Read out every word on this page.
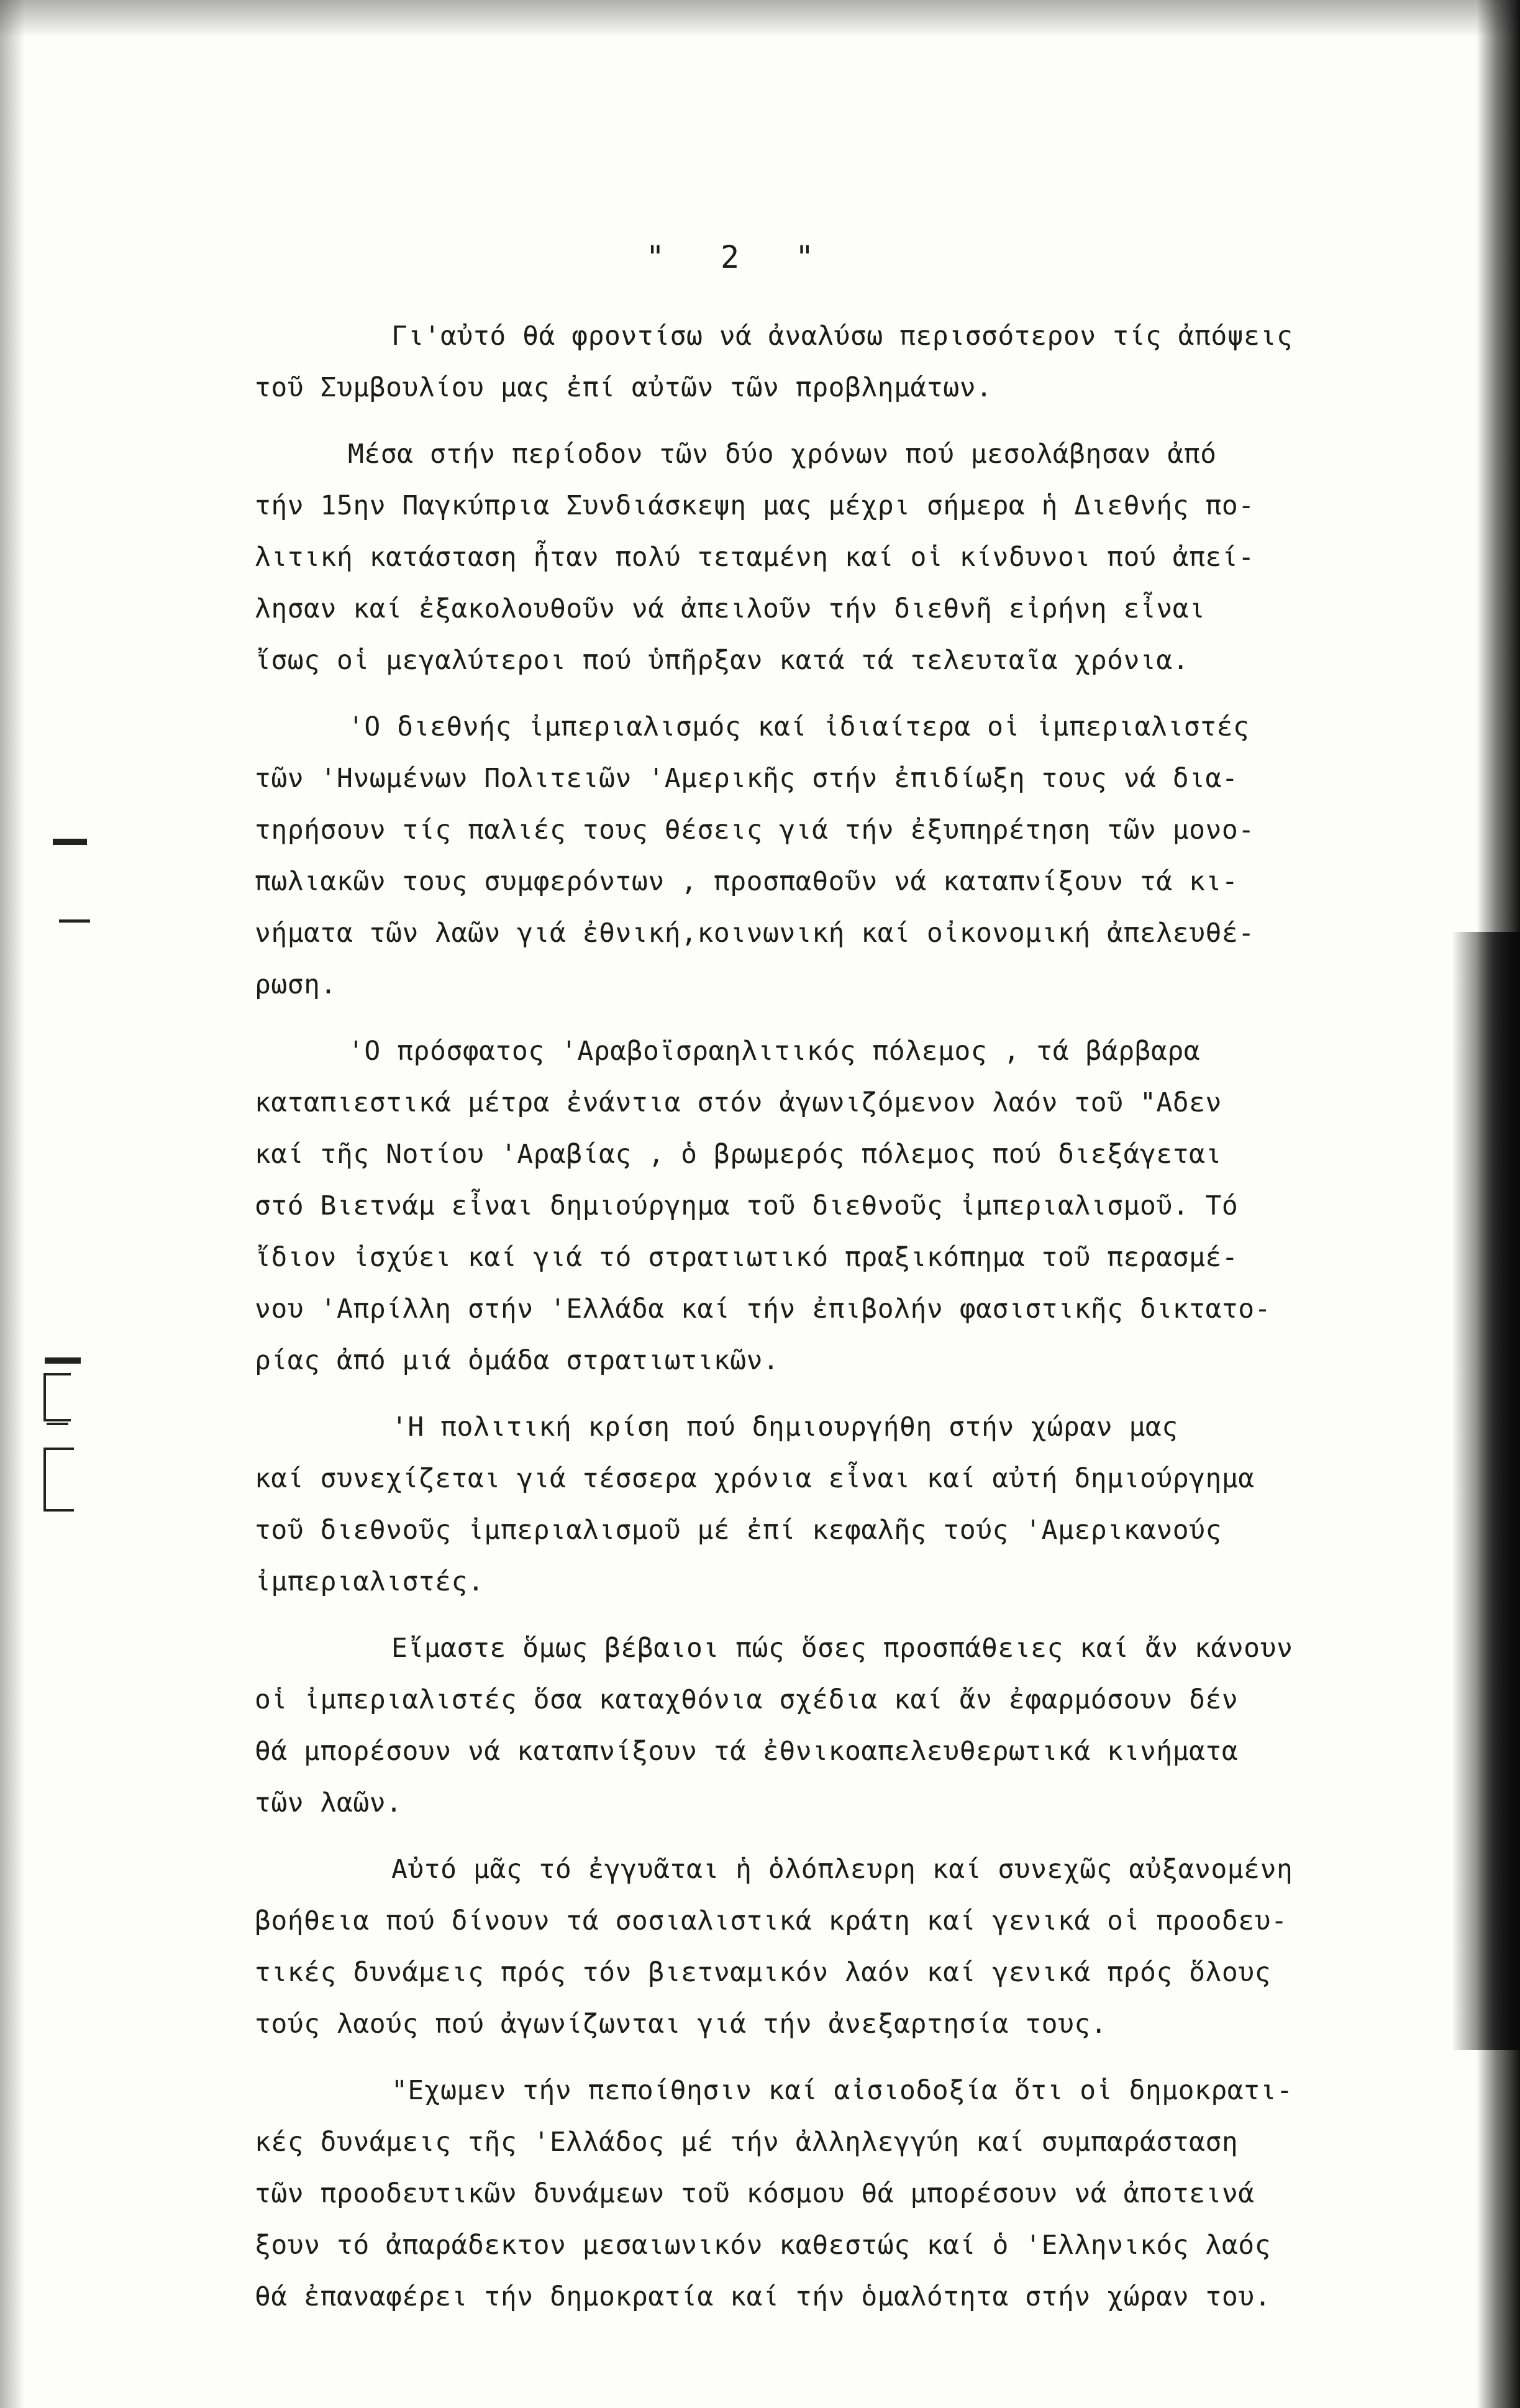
" 2 "
Γι'αὐτό θά φροντίσω νά ἀναλύσω περισσότερον τίς ἀπόψεις
τοῦ Συμβουλίου μας ἐπί αὐτῶν τῶν προβλημάτων.
Μέσα στήν περίοδον τῶν δύο χρόνων πού μεσολάβησαν ἀπό
τήν 15ην Παγκύπρια Συνδιάσκεψη μας μέχρι σήμερα ἡ Διεθνής πο-
λιτική κατάσταση ἦταν πολύ τεταμένη καί οἱ κίνδυνοι πού ἀπεί-
λησαν καί ἐξακολουθοῦν νά ἀπειλοῦν τήν διεθνῆ εἰρήνη εἶναι
ἴσως οἱ μεγαλύτεροι πού ὑπῆρξαν κατά τά τελευταῖα χρόνια.
'Ο διεθνής ἰμπεριαλισμός καί ἰδιαίτερα οἱ ἰμπεριαλιστές
τῶν 'Ηνωμένων Πολιτειῶν 'Αμερικῆς στήν ἐπιδίωξη τους νά δια-
τηρήσουν τίς παλιές τους θέσεις γιά τήν ἐξυπηρέτηση τῶν μονο-
πωλιακῶν τους συμφερόντων , προσπαθοῦν νά καταπνίξουν τά κι-
νήματα τῶν λαῶν γιά ἐθνική,κοινωνική καί οἰκονομική ἀπελευθέ-
ρωση.
'Ο πρόσφατος 'Αραβοϊσραηλιτικός πόλεμος , τά βάρβαρα
καταπιεστικά μέτρα ἐνάντια στόν ἀγωνιζόμενον λαόν τοῦ "Αδεν
καί τῆς Νοτίου 'Αραβίας , ὁ βρωμερός πόλεμος πού διεξάγεται
στό Βιετνάμ εἶναι δημιούργημα τοῦ διεθνοῦς ἰμπεριαλισμοῦ. Τό
ἴδιον ἰσχύει καί γιά τό στρατιωτικό πραξικόπημα τοῦ περασμέ-
νου 'Απρίλλη στήν 'Ελλάδα καί τήν ἐπιβολήν φασιστικῆς δικτατο-
ρίας ἀπό μιά ὁμάδα στρατιωτικῶν.
'Η πολιτική κρίση πού δημιουργήθη στήν χώραν μας
καί συνεχίζεται γιά τέσσερα χρόνια εἶναι καί αὐτή δημιούργημα
τοῦ διεθνοῦς ἰμπεριαλισμοῦ μέ ἐπί κεφαλῆς τούς 'Αμερικανούς
ἰμπεριαλιστές.
Εἴμαστε ὅμως βέβαιοι πώς ὅσες προσπάθειες καί ἄν κάνουν
οἱ ἰμπεριαλιστές ὅσα καταχθόνια σχέδια καί ἄν ἐφαρμόσουν δέν
θά μπορέσουν νά καταπνίξουν τά ἐθνικοαπελευθερωτικά κινήματα
τῶν λαῶν.
Αὐτό μᾶς τό ἐγγυᾶται ἡ ὁλόπλευρη καί συνεχῶς αὐξανομένη
βοήθεια πού δίνουν τά σοσιαλιστικά κράτη καί γενικά οἱ προοδευ-
τικές δυνάμεις πρός τόν βιετναμικόν λαόν καί γενικά πρός ὅλους
τούς λαούς πού ἀγωνίζωνται γιά τήν ἀνεξαρτησία τους.
"Εχωμεν τήν πεποίθησιν καί αἰσιοδοξία ὅτι οἱ δημοκρατι-
κές δυνάμεις τῆς 'Ελλάδος μέ τήν ἀλληλεγγύη καί συμπαράσταση
τῶν προοδευτικῶν δυνάμεων τοῦ κόσμου θά μπορέσουν νά ἀποτεινά
ξουν τό ἀπαράδεκτον μεσαιωνικόν καθεστώς καί ὁ 'Ελληνικός λαός
θά ἐπαναφέρει τήν δημοκρατία καί τήν ὁμαλότητα στήν χώραν του.
